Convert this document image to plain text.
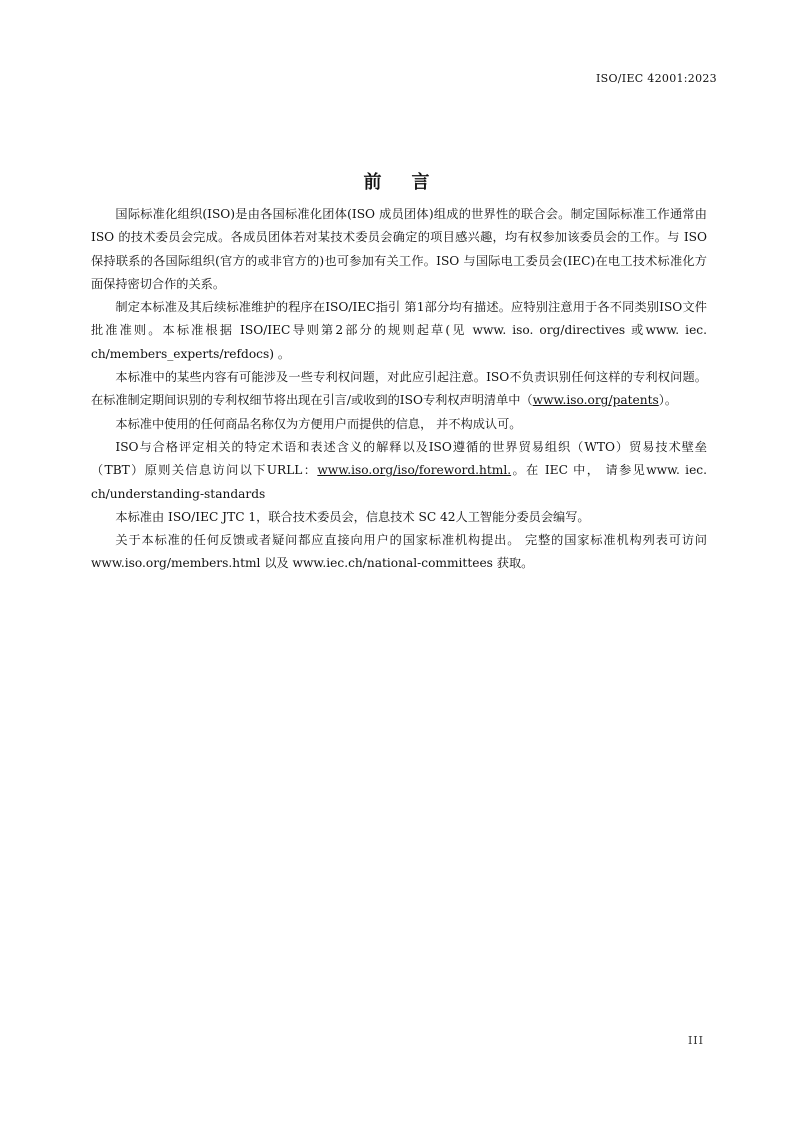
ISO/IEC 42001:2023
前 言

国际标准化组织(ISO)是由各国标准化团体(ISO 成员团体)组成的世界性的联合会。制定国际标准工作通常由 ISO 的技术委员会完成。各成员团体若对某技术委员会确定的项目感兴趣，均有权参加该委员会的工作。与 ISO 保持联系的各国际组织(官方的或非官方的)也可参加有关工作。ISO 与国际电工委员会(IEC)在电工技术标准化方面保持密切合作的关系。

制定本标准及其后续标准维护的程序在ISO/IEC指引 第1部分均有描述。应特别注意用于各不同类别ISO文件批准准则。本标准根据 ISO/IEC导则第2部分的规则起草(见 www. iso. org/directives 或www. iec. ch/members_experts/refdocs) 。

本标准中的某些内容有可能涉及一些专利权问题，对此应引起注意。ISO不负责识别任何这样的专利权问题。在标准制定期间识别的专利权细节将出现在引言/或收到的ISO专利权声明清单中（www.iso.org/patents）。

本标准中使用的任何商品名称仅为方便用户而提供的信息， 并不构成认可。

ISO与合格评定相关的特定术语和表述含义的解释以及ISO遵循的世界贸易组织（WTO）贸易技术壁垒（TBT）原则关信息访问以下URLL：www.iso.org/iso/foreword.html.。在 IEC 中， 请参见www. iec. ch/understanding-standards

本标准由 ISO/IEC JTC 1，联合技术委员会，信息技术 SC 42人工智能分委员会编写。

关于本标准的任何反馈或者疑问都应直接向用户的国家标准机构提出。 完整的国家标准机构列表可访问www.iso.org/members.html 以及 www.iec.ch/national-committees 获取。

III
